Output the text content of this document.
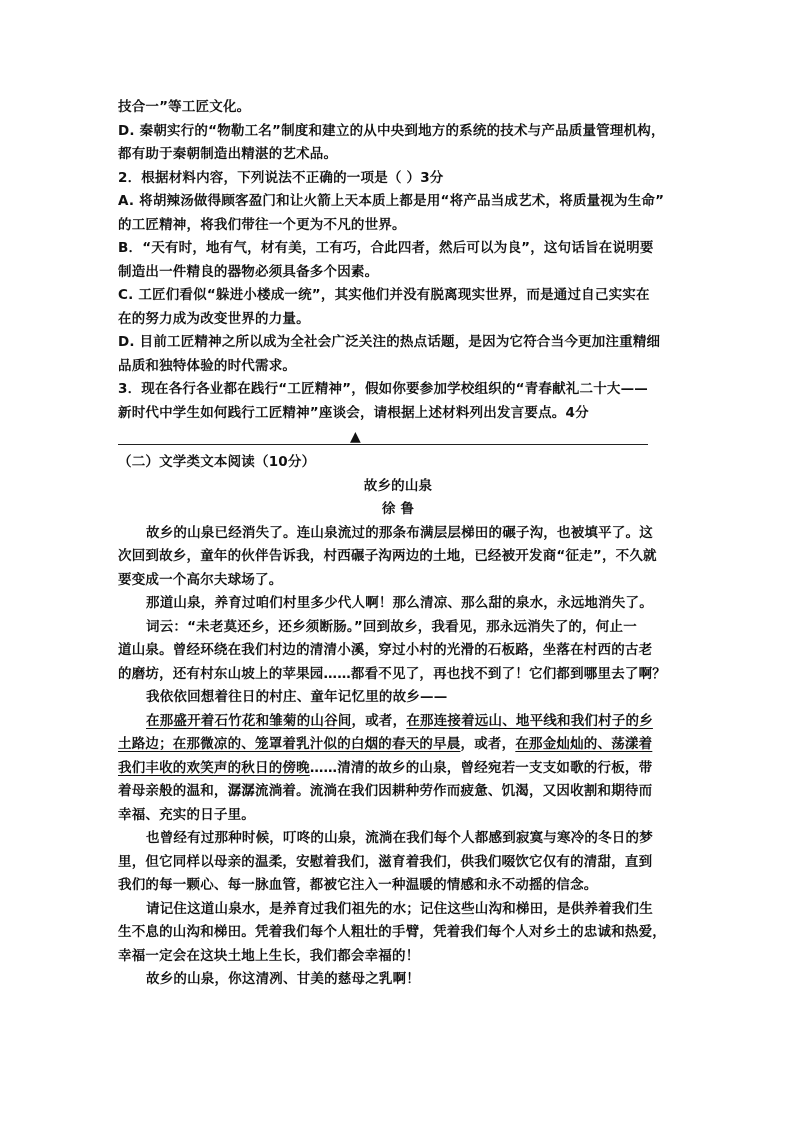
技合一”等工匠文化。
D. 秦朝实行的“物勒工名”制度和建立的从中央到地方的系统的技术与产品质量管理机构，
都有助于秦朝制造出精湛的艺术品。
2．根据材料内容，下列说法不正确的一项是（ ）3分
A. 将胡辣汤做得顾客盈门和让火箭上天本质上都是用“将产品当成艺术，将质量视为生命”
的工匠精神，将我们带往一个更为不凡的世界。
B．“天有时，地有气，材有美，工有巧，合此四者，然后可以为良”，这句话旨在说明要
制造出一件精良的器物必须具备多个因素。
C. 工匠们看似“躲进小楼成一统”，其实他们并没有脱离现实世界，而是通过自己实实在
在的努力成为改变世界的力量。
D. 目前工匠精神之所以成为全社会广泛关注的热点话题，是因为它符合当今更加注重精细
品质和独特体验的时代需求。
3．现在各行各业都在践行“工匠精神”，假如你要参加学校组织的“青春献礼二十大——
新时代中学生如何践行工匠精神”座谈会，请根据上述材料列出发言要点。4分
▲
（二）文学类文本阅读（10分）
故乡的山泉
徐 鲁
故乡的山泉已经消失了。连山泉流过的那条布满层层梯田的碾子沟，也被填平了。这
次回到故乡，童年的伙伴告诉我，村西碾子沟两边的土地，已经被开发商“征走”，不久就
要变成一个高尔夫球场了。
那道山泉，养育过咱们村里多少代人啊！那么清凉、那么甜的泉水，永远地消失了。
词云：“未老莫还乡，还乡须断肠。”回到故乡，我看见，那永远消失了的，何止一
道山泉。曾经环绕在我们村边的清清小溪，穿过小村的光滑的石板路，坐落在村西的古老
的磨坊，还有村东山坡上的苹果园……都看不见了，再也找不到了！它们都到哪里去了啊？
我依依回想着往日的村庄、童年记忆里的故乡——
在那盛开着石竹花和雏菊的山谷间，或者，在那连接着远山、地平线和我们村子的乡
土路边；在那微凉的、笼罩着乳汁似的白烟的春天的早晨，或者，在那金灿灿的、荡漾着
我们丰收的欢笑声的秋日的傍晚……清清的故乡的山泉，曾经宛若一支支如歌的行板，带
着母亲般的温和，潺潺流淌着。流淌在我们因耕种劳作而疲惫、饥渴，又因收割和期待而
幸福、充实的日子里。
也曾经有过那种时候，叮咚的山泉，流淌在我们每个人都感到寂寞与寒冷的冬日的梦
里，但它同样以母亲的温柔，安慰着我们，滋育着我们，供我们啜饮它仅有的清甜，直到
我们的每一颗心、每一脉血管，都被它注入一种温暖的情感和永不动摇的信念。
请记住这道山泉水，是养育过我们祖先的水；记住这些山沟和梯田，是供养着我们生
生不息的山沟和梯田。凭着我们每个人粗壮的手臂，凭着我们每个人对乡土的忠诚和热爱，
幸福一定会在这块土地上生长，我们都会幸福的！
故乡的山泉，你这清冽、甘美的慈母之乳啊！
